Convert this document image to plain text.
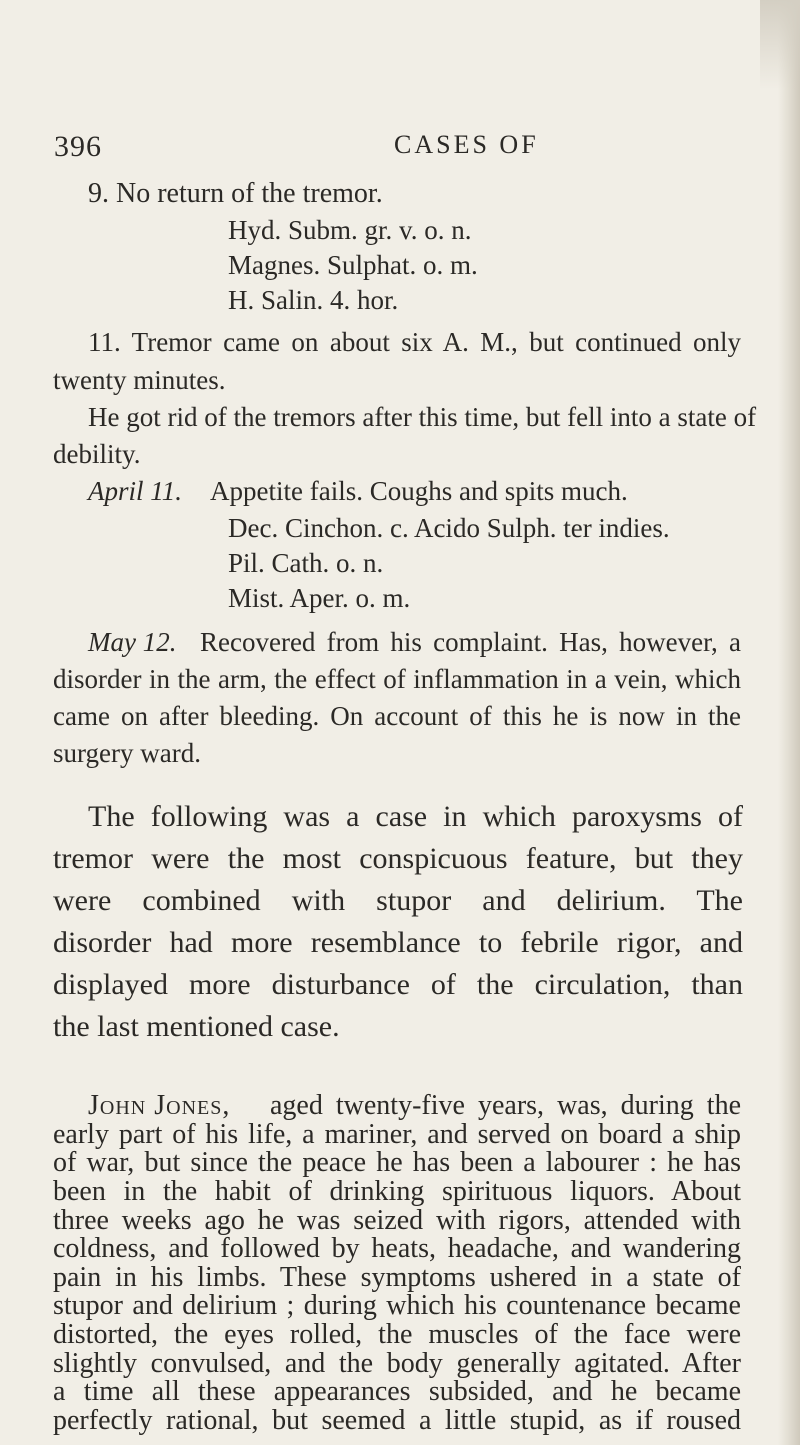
396	CASES OF
9. No return of the tremor.
Hyd. Subm. gr. v. o. n.
Magnes. Sulphat. o. m.
H. Salin. 4. hor.
11. Tremor came on about six A. M., but continued only
twenty minutes.
He got rid of the tremors after this time, but fell into a state of
debility.
April 11. Appetite fails. Coughs and spits much.
Dec. Cinchon. c. Acido Sulph. ter indies.
Pil. Cath. o. n.
Mist. Aper. o. m.
May 12. Recovered from his complaint. Has, however, a
disorder in the arm, the effect of inflammation in a vein, which
came on after bleeding. On account of this he is now in the
surgery ward.
The following was a case in which paroxysms of
tremor were the most conspicuous feature, but they
were combined with stupor and delirium. The
disorder had more resemblance to febrile rigor, and
displayed more disturbance of the circulation, than
the last mentioned case.
John Jones, aged twenty-five years, was, during the
early part of his life, a mariner, and served on board a ship
of war, but since the peace he has been a labourer : he has
been in the habit of drinking spirituous liquors. About
three weeks ago he was seized with rigors, attended with
coldness, and followed by heats, headache, and wandering
pain in his limbs. These symptoms ushered in a state of
stupor and delirium ; during which his countenance became
distorted, the eyes rolled, the muscles of the face were
slightly convulsed, and the body generally agitated. After
a time all these appearances subsided, and he became
perfectly rational, but seemed a little stupid, as if roused
